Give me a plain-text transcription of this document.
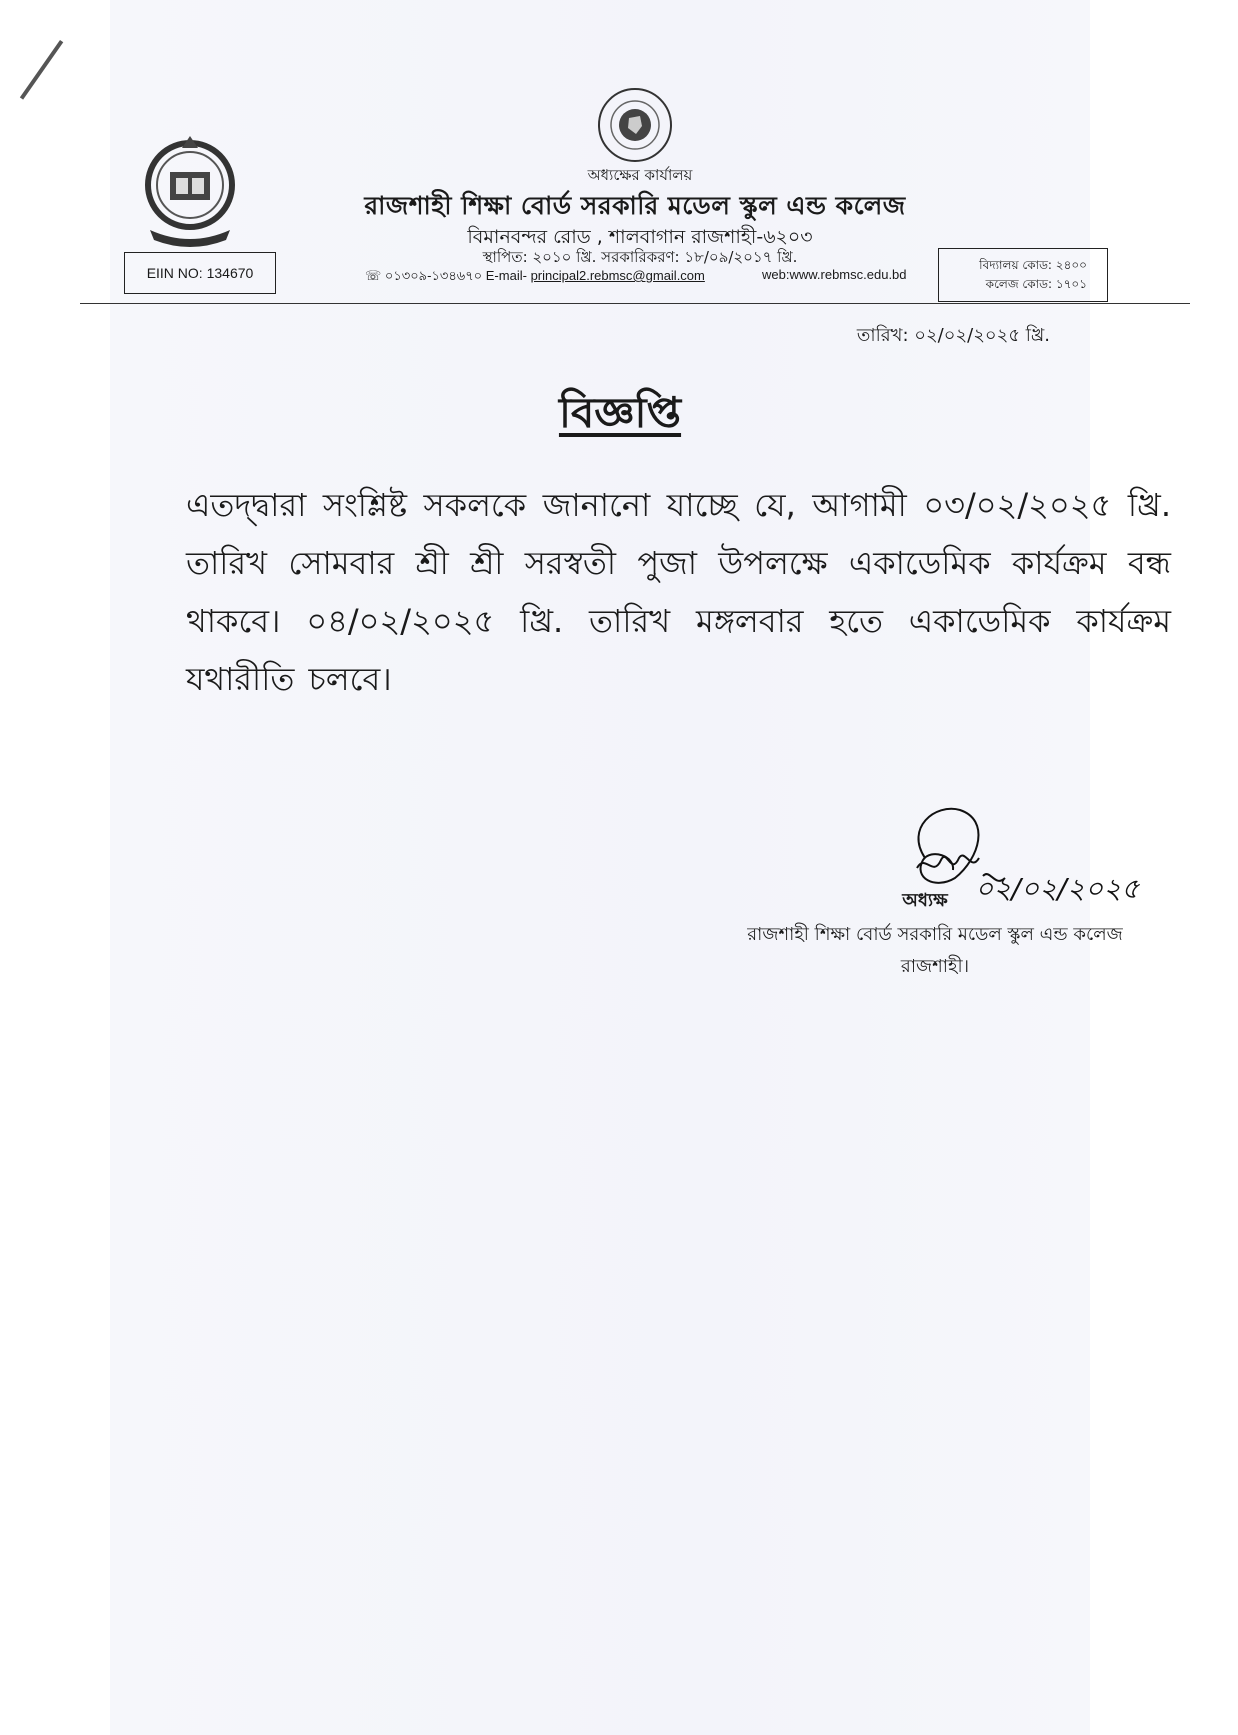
অধ্যক্ষের কার্যালয়
রাজশাহী শিক্ষা বোর্ড সরকারি মডেল স্কুল এন্ড কলেজ
বিমানবন্দর রোড , শালবাগান রাজশাহী-৬২০৩
স্থাপিত: ২০১০ খ্রি. সরকারিকরণ: ১৮/০৯/২০১৭ খ্রি.
EIIN NO: 134670	☏ ০১৩০৯-১৩৪৬৭০ E-mail- principal2.rebmsc@gmail.com	web:www.rebmsc.edu.bd
বিদ্যালয় কোড: ২৪০০
কলেজ কোড: ১৭০১
তারিখ: ০২/০২/২০২৫ খ্রি.
বিজ্ঞপ্তি
এতদ্দ্বারা সংশ্লিষ্ট সকলকে জানানো যাচ্ছে যে, আগামী ০৩/০২/২০২৫ খ্রি. তারিখ সোমবার শ্রী শ্রী সরস্বতী পুজা উপলক্ষে একাডেমিক কার্যক্রম বন্ধ থাকবে। ০৪/০২/২০২৫ খ্রি. তারিখ মঙ্গলবার হতে একাডেমিক কার্যক্রম যথারীতি চলবে।
০২/০২/২০২৫
অধ্যক্ষ
রাজশাহী শিক্ষা বোর্ড সরকারি মডেল স্কুল এন্ড কলেজ
রাজশাহী।
